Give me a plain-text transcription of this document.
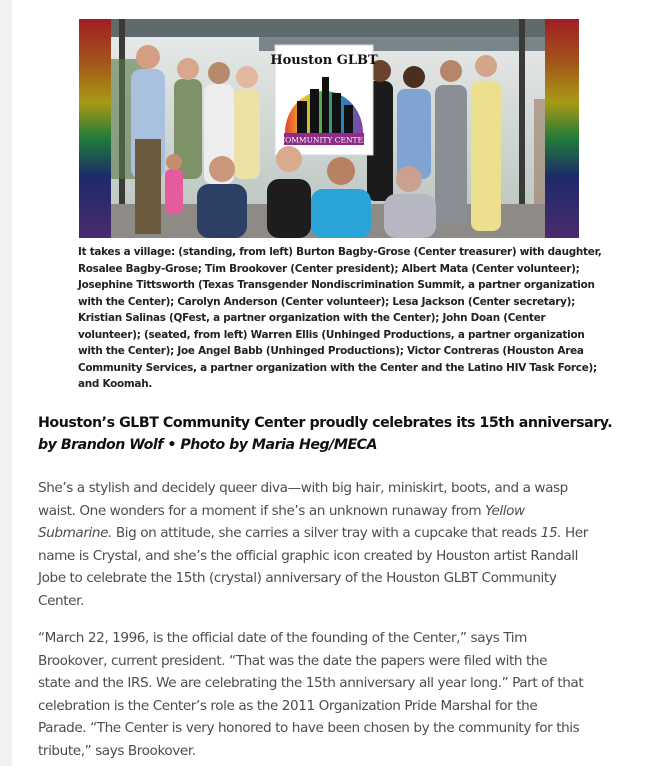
Houston GLBT
COMMUNITY CENTER
It takes a village: (standing, from left) Burton Bagby-Grose (Center treasurer) with daughter,
Rosalee Bagby-Grose; Tim Brookover (Center president); Albert Mata (Center volunteer);
Josephine Tittsworth (Texas Transgender Nondiscrimination Summit, a partner organization
with the Center); Carolyn Anderson (Center volunteer); Lesa Jackson (Center secretary);
Kristian Salinas (QFest, a partner organization with the Center); John Doan (Center
volunteer); (seated, from left) Warren Ellis (Unhinged Productions, a partner organization
with the Center); Joe Angel Babb (Unhinged Productions); Victor Contreras (Houston Area
Community Services, a partner organization with the Center and the Latino HIV Task Force);
and Koomah.
Houston’s GLBT Community Center proudly celebrates its 15th anniversary.
by Brandon Wolf • Photo by Maria Heg/MECA
She’s a stylish and decidely queer diva—with big hair, miniskirt, boots, and a wasp
waist. One wonders for a moment if she’s an unknown runaway from Yellow
Submarine. Big on attitude, she carries a silver tray with a cupcake that reads 15. Her
name is Crystal, and she’s the official graphic icon created by Houston artist Randall
Jobe to celebrate the 15th (crystal) anniversary of the Houston GLBT Community
Center.
“March 22, 1996, is the official date of the founding of the Center,” says Tim
Brookover, current president. “That was the date the papers were filed with the
state and the IRS. We are celebrating the 15th anniversary all year long.” Part of that
celebration is the Center’s role as the 2011 Organization Pride Marshal for the
Parade. “The Center is very honored to have been chosen by the community for this
tribute,” says Brookover.
